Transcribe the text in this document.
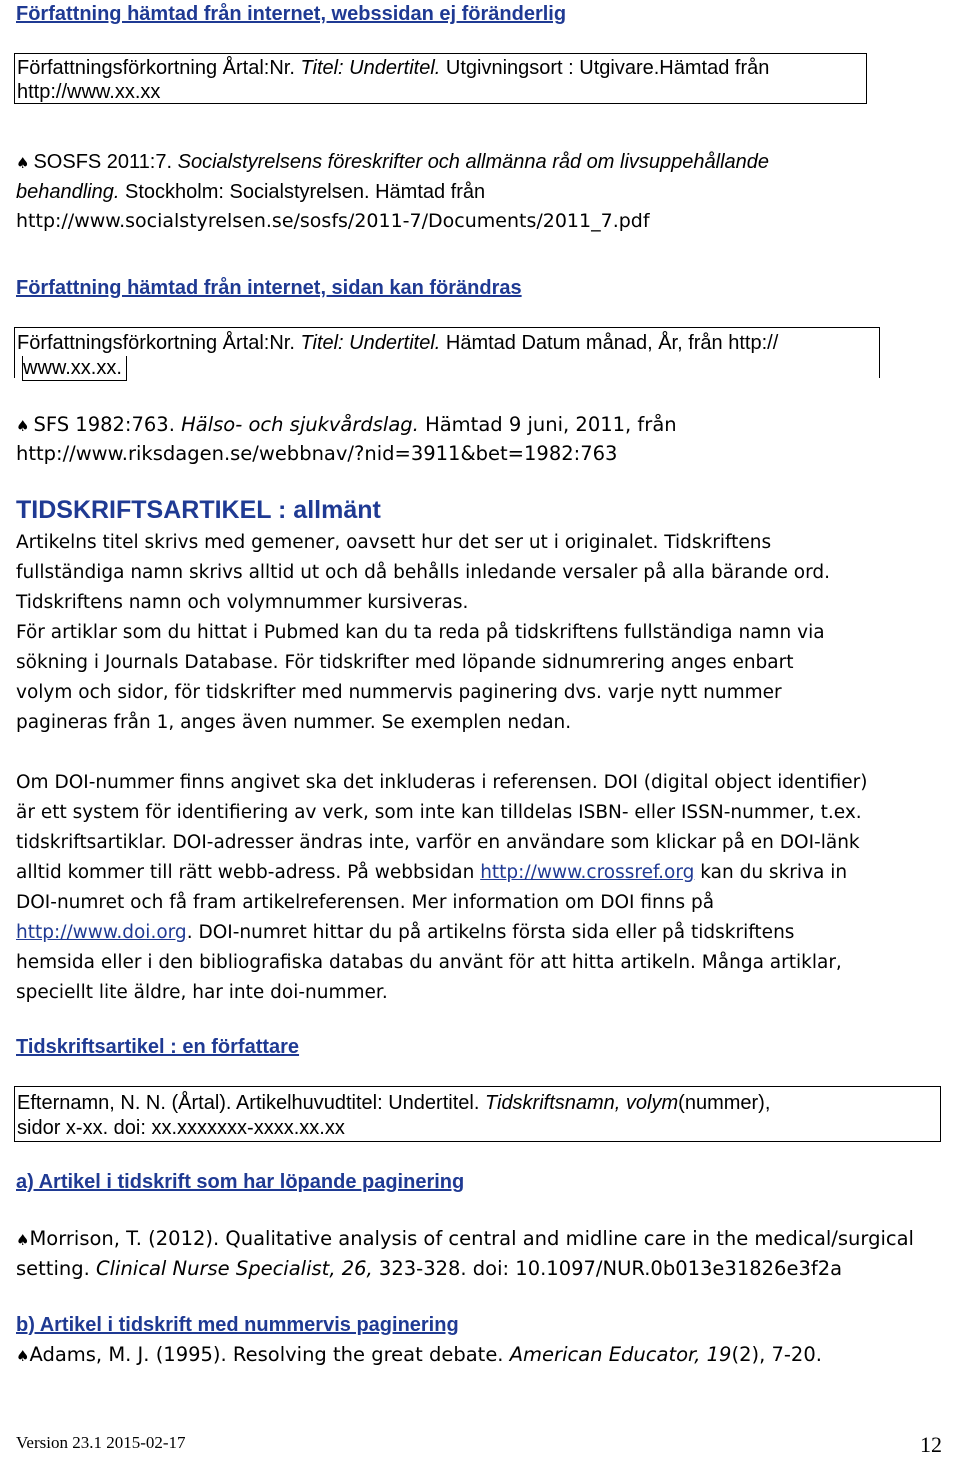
Författning hämtad från internet, webssidan ej föränderlig
Författningsförkortning Årtal:Nr. Titel: Undertitel. Utgivningsort : Utgivare.Hämtad från
http://www.xx.xx
♠ SOSFS 2011:7. Socialstyrelsens föreskrifter och allmänna råd om livsuppehållande
behandling. Stockholm: Socialstyrelsen. Hämtad från
http://www.socialstyrelsen.se/sosfs/2011-7/Documents/2011_7.pdf
Författning hämtad från internet, sidan kan förändras
Författningsförkortning Årtal:Nr. Titel: Undertitel. Hämtad Datum månad, År, från http://
www.xx.xx.
♠ SFS 1982:763. Hälso- och sjukvårdslag. Hämtad 9 juni, 2011, från
http://www.riksdagen.se/webbnav/?nid=3911&bet=1982:763
TIDSKRIFTSARTIKEL : allmänt
Artikelns titel skrivs med gemener, oavsett hur det ser ut i originalet. Tidskriftens
fullständiga namn skrivs alltid ut och då behålls inledande versaler på alla bärande ord.
Tidskriftens namn och volymnummer kursiveras.
För artiklar som du hittat i Pubmed kan du ta reda på tidskriftens fullständiga namn via
sökning i Journals Database. För tidskrifter med löpande sidnumrering anges enbart
volym och sidor, för tidskrifter med nummervis paginering dvs. varje nytt nummer
pagineras från 1, anges även nummer. Se exemplen nedan.
Om DOI-nummer finns angivet ska det inkluderas i referensen. DOI (digital object identifier)
är ett system för identifiering av verk, som inte kan tilldelas ISBN- eller ISSN-nummer, t.ex.
tidskriftsartiklar. DOI-adresser ändras inte, varför en användare som klickar på en DOI-länk
alltid kommer till rätt webb-adress. På webbsidan http://www.crossref.org kan du skriva in
DOI-numret och få fram artikelreferensen. Mer information om DOI finns på
http://www.doi.org. DOI-numret hittar du på artikelns första sida eller på tidskriftens
hemsida eller i den bibliografiska databas du använt för att hitta artikeln. Många artiklar,
speciellt lite äldre, har inte doi-nummer.
Tidskriftsartikel : en författare
Efternamn, N. N. (Årtal). Artikelhuvudtitel: Undertitel. Tidskriftsnamn, volym(nummer),
sidor x-xx. doi: xx.xxxxxxx-xxxx.xx.xx
a) Artikel i tidskrift som har löpande paginering
♠Morrison, T. (2012). Qualitative analysis of central and midline care in the medical/surgical
setting. Clinical Nurse Specialist, 26, 323-328. doi: 10.1097/NUR.0b013e31826e3f2a
b) Artikel i tidskrift med nummervis paginering
♠Adams, M. J. (1995). Resolving the great debate. American Educator, 19(2), 7-20.
Version 23.1 2015-02-17	12
